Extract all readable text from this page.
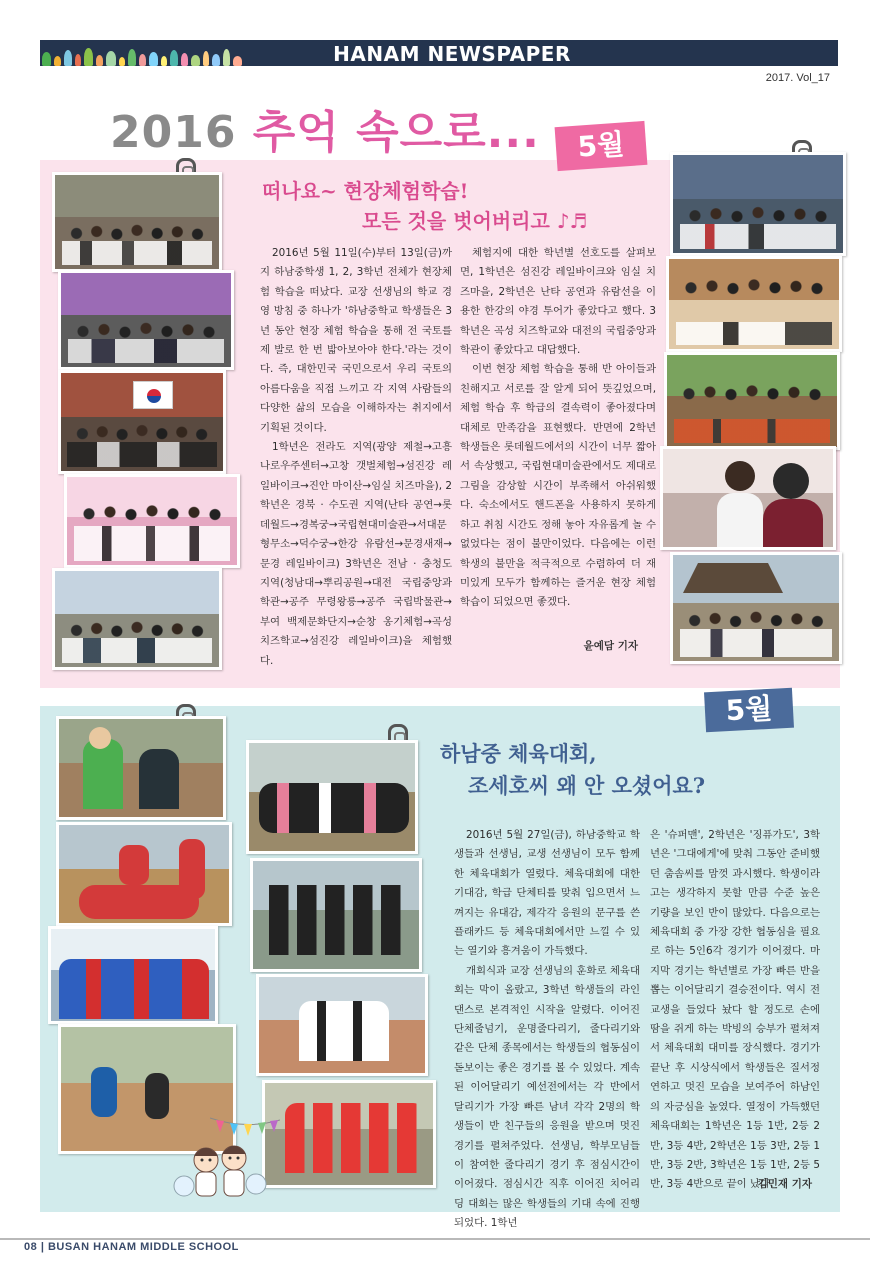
HANAM NEWSPAPER
2017. Vol_17
2016 추억 속으로...	5월
떠나요~ 현장체험학습!
모든 것을 벗어버리고 ♪♬

2016년 5월 11일(수)부터 13일(금)까지 하남중학생 1, 2, 3학년 전체가 현장체험 학습을 떠났다. 교장 선생님의 학교 경영 방침 중 하나가 '하남중학교 학생들은 3년 동안 현장 체험 학습을 통해 전 국토를 제 발로 한 번 밟아보아야 한다.'라는 것이다. 즉, 대한민국 국민으로서 우리 국토의 아름다움을 직접 느끼고 각 지역 사람들의 다양한 삶의 모습을 이해하자는 취지에서 기획된 것이다.

1학년은 전라도 지역(광양 제철→고흥 나로우주센터→고창 갯벌체험→섬진강 레일바이크→진안 마이산→임실 치즈마을), 2학년은 경북 · 수도권 지역(난타 공연→롯데월드→경복궁→국립현대미술관→서대문 형무소→덕수궁→한강 유람선→문경새재→문경 레일바이크) 3학년은 전남 · 충청도 지역(청남대→뿌리공원→대전 국립중앙과학관→공주 무령왕릉→공주 국립박물관→부여 백제문화단지→순창 옹기체험→곡성 치즈학교→섬진강 레일바이크)을 체험했다.

체험지에 대한 학년별 선호도를 살펴보면, 1학년은 섬진강 레일바이크와 임실 치즈마을, 2학년은 난타 공연과 유람선을 이용한 한강의 야경 투어가 좋았다고 했다. 3학년은 곡성 치즈학교와 대전의 국립중앙과학관이 좋았다고 대답했다.

이번 현장 체험 학습을 통해 반 아이들과 친해지고 서로를 잘 알게 되어 뜻깊었으며, 체험 학습 후 학급의 결속력이 좋아졌다며 대체로 만족감을 표현했다. 반면에 2학년 학생들은 롯데월드에서의 시간이 너무 짧아서 속상했고, 국립현대미술관에서도 제대로 그림을 감상할 시간이 부족해서 아쉬워했다. 숙소에서도 핸드폰을 사용하지 못하게 하고 취침 시간도 정해 놓아 자유롭게 놀 수 없었다는 점이 불만이었다. 다음에는 이런 학생의 불만을 적극적으로 수렴하여 더 재미있게 모두가 함께하는 즐거운 현장 체험 학습이 되었으면 좋겠다.

윤예담 기자
5월
하남중 체육대회,
조세호씨 왜 안 오셨어요?

2016년 5월 27일(금), 하남중학교 학생들과 선생님, 교생 선생님이 모두 함께한 체육대회가 열렸다. 체육대회에 대한 기대감, 학급 단체티를 맞춰 입으면서 느껴지는 유대감, 제각각 응원의 문구를 쓴 플래카드 등 체육대회에서만 느낄 수 있는 열기와 흥겨움이 가득했다.

개회식과 교장 선생님의 훈화로 체육대회는 막이 올랐고, 3학년 학생들의 라인댄스로 본격적인 시작을 알렸다. 이어진 단체줄넘기, 운명줄다리기, 줄다리기와 같은 단체 종목에서는 학생들의 협동심이 돋보이는 좋은 경기를 볼 수 있었다. 계속된 이어달리기 예선전에서는 각 반에서 달리기가 가장 빠른 남녀 각각 2명의 학생들이 반 친구들의 응원을 받으며 멋진 경기를 펼쳐주었다. 선생님, 학부모님들이 참여한 줄다리기 경기 후 점심시간이 이어졌다. 점심시간 직후 이어진 치어리딩 대회는 많은 학생들의 기대 속에 진행되었다. 1학년

은 '슈퍼맨', 2학년은 '징퓨가도', 3학년은 '그대에게'에 맞춰 그동안 준비했던 춤솜씨를 맘껏 과시했다. 학생이라고는 생각하지 못할 만큼 수준 높은 기량을 보인 반이 많았다. 다음으로는 체육대회 중 가장 강한 협동심을 필요로 하는 5인6각 경기가 이어졌다. 마지막 경기는 학년별로 가장 빠른 반을 뽑는 이어달리기 결승전이다. 역시 전교생을 들었다 놨다 할 정도로 손에 땀을 쥐게 하는 박빙의 승부가 펼쳐져서 체육대회 대미를 장식했다. 경기가 끝난 후 시상식에서 학생들은 질서정연하고 멋진 모습을 보여주어 하남인의 자긍심을 높였다. 열정이 가득했던 체육대회는 1학년은 1등 1반, 2등 2반, 3등 4반, 2학년은 1등 3반, 2등 1반, 3등 2반, 3학년은 1등 1반, 2등 5반, 3등 4반으로 끝이 났다.

김민재 기자
08 | BUSAN HANAM MIDDLE SCHOOL
